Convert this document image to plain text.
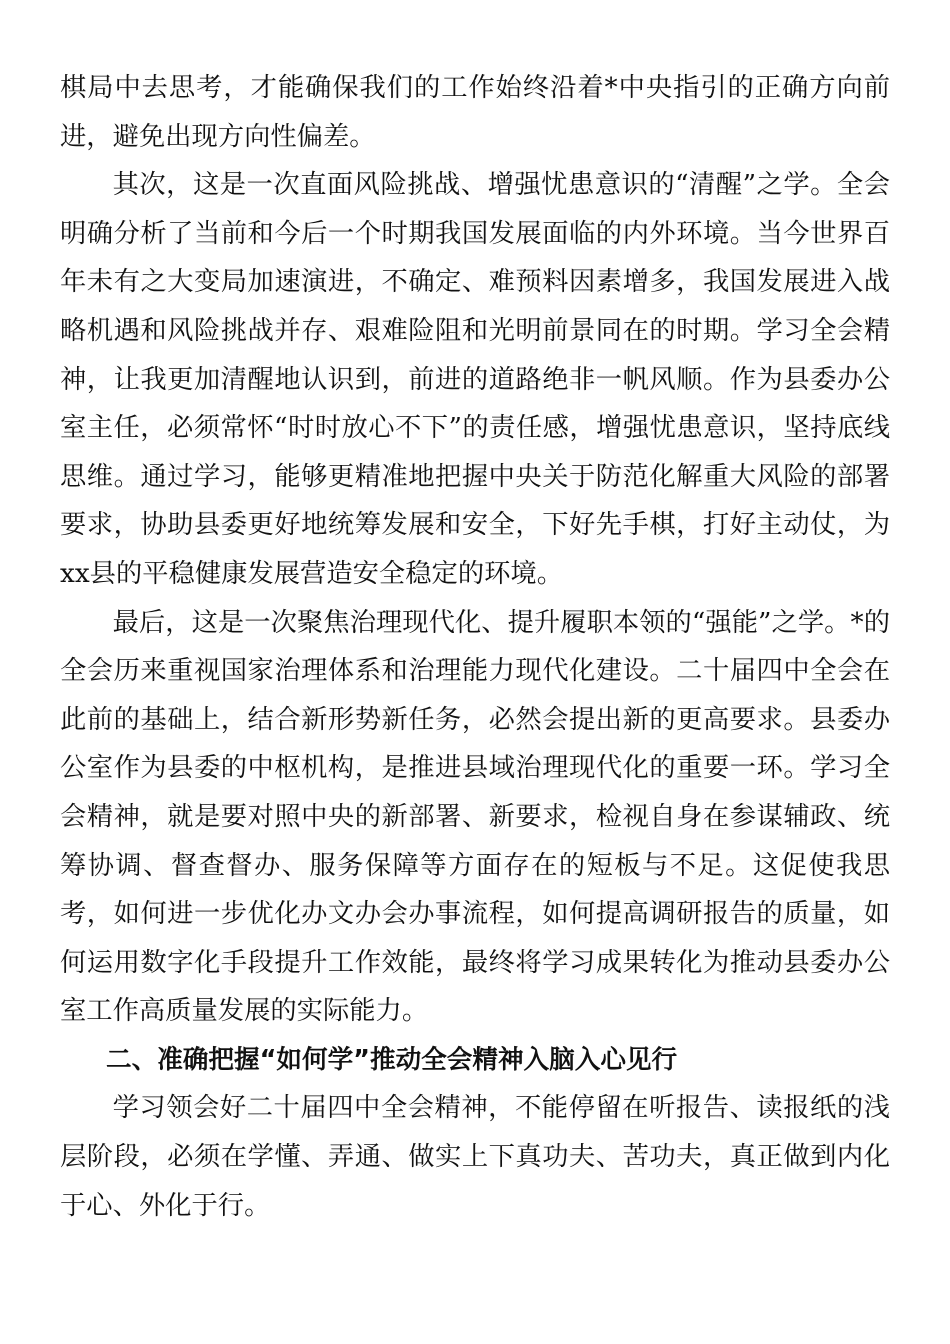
棋局中去思考，才能确保我们的工作始终沿着*中央指引的正确方向前进，避免出现方向性偏差。

其次，这是一次直面风险挑战、增强忧患意识的“清醒”之学。全会明确分析了当前和今后一个时期我国发展面临的内外环境。当今世界百年未有之大变局加速演进，不确定、难预料因素增多，我国发展进入战略机遇和风险挑战并存、艰难险阻和光明前景同在的时期。学习全会精神，让我更加清醒地认识到，前进的道路绝非一帆风顺。作为县委办公室主任，必须常怀“时时放心不下”的责任感，增强忧患意识，坚持底线思维。通过学习，能够更精准地把握中央关于防范化解重大风险的部署要求，协助县委更好地统筹发展和安全，下好先手棋，打好主动仗，为xx县的平稳健康发展营造安全稳定的环境。

最后，这是一次聚焦治理现代化、提升履职本领的“强能”之学。*的全会历来重视国家治理体系和治理能力现代化建设。二十届四中全会在此前的基础上，结合新形势新任务，必然会提出新的更高要求。县委办公室作为县委的中枢机构，是推进县域治理现代化的重要一环。学习全会精神，就是要对照中央的新部署、新要求，检视自身在参谋辅政、统筹协调、督查督办、服务保障等方面存在的短板与不足。这促使我思考，如何进一步优化办文办会办事流程，如何提高调研报告的质量，如何运用数字化手段提升工作效能，最终将学习成果转化为推动县委办公室工作高质量发展的实际能力。

二、准确把握“如何学”推动全会精神入脑入心见行

学习领会好二十届四中全会精神，不能停留在听报告、读报纸的浅层阶段，必须在学懂、弄通、做实上下真功夫、苦功夫，真正做到内化于心、外化于行。
